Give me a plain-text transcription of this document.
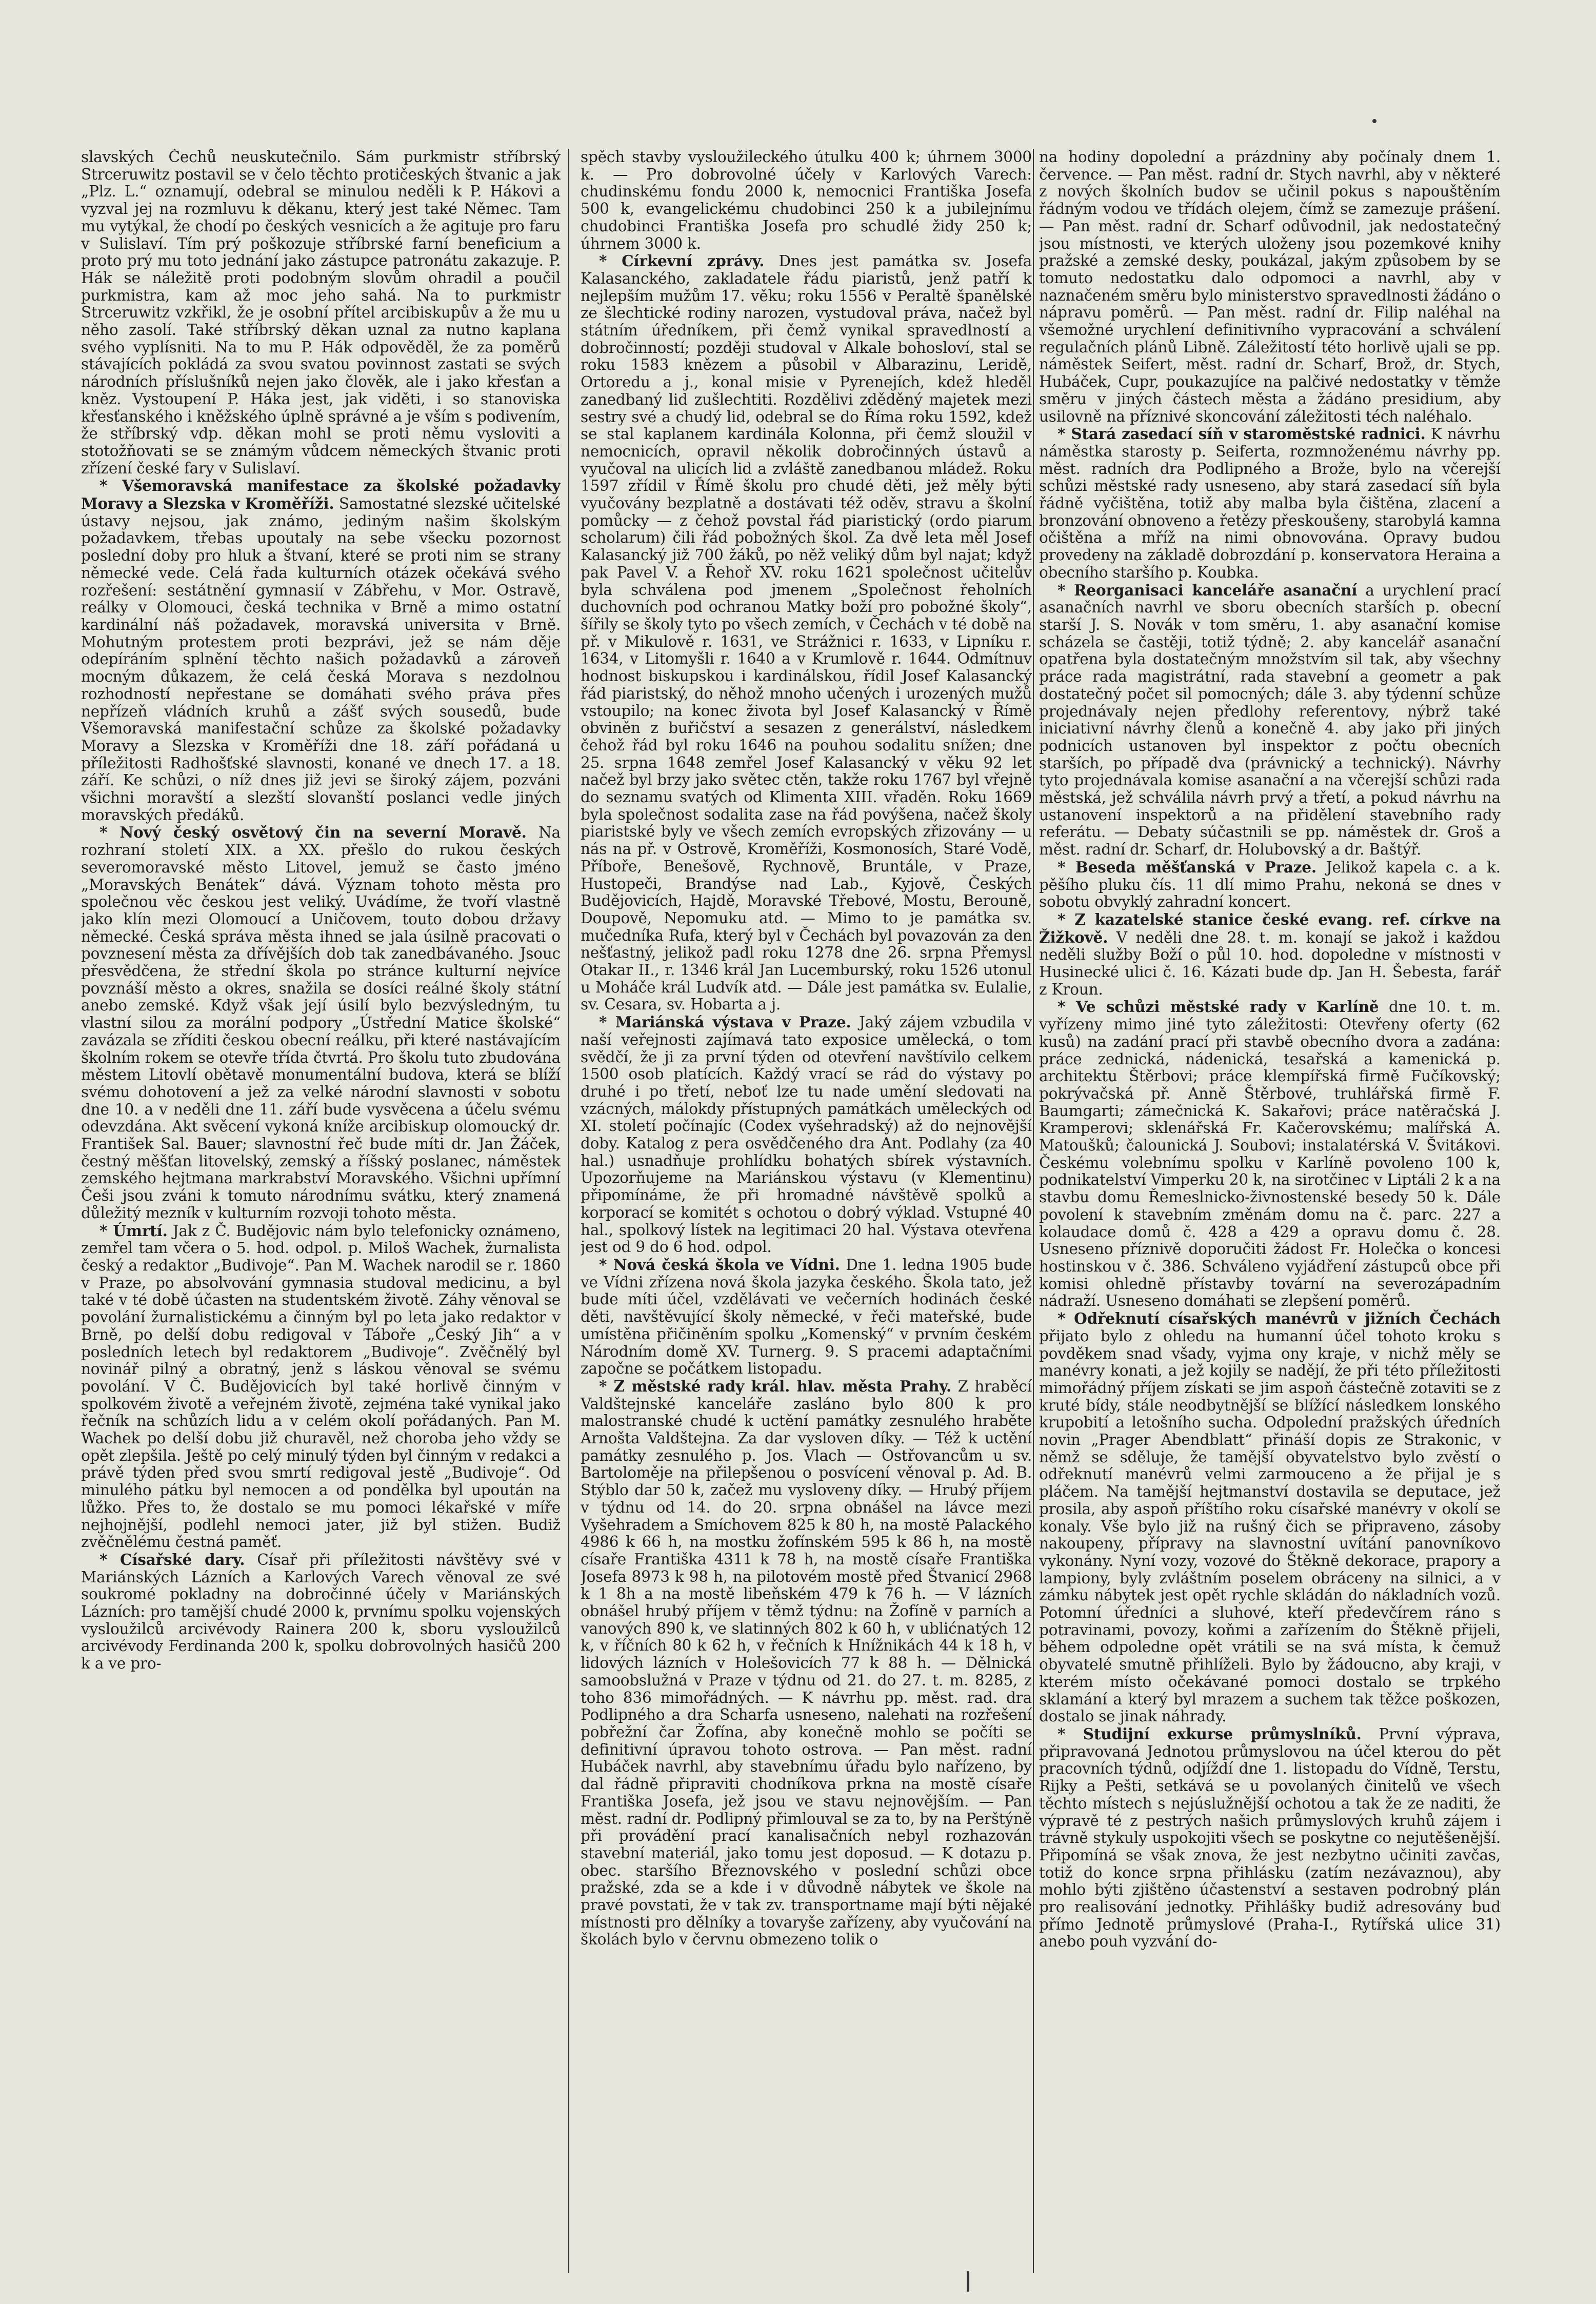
slavských Čechů neuskutečnilo. Sám purkmistr stříbrský Strceruwitz postavil se v čelo těchto protičeských štvanic a jak „Plz. L.“ oznamují, odebral se minulou neděli k P. Hákovi a vyzval jej na rozmluvu k děkanu, který jest také Němec. Tam mu vytýkal, že chodí po českých vesnicích a že agituje pro faru v Sulislaví. Tím prý poškozuje stříbrské farní beneficium a proto prý mu toto jednání jako zástupce patronátu zakazuje. P. Hák se náležitě proti podobným slovům ohradil a poučil purkmistra, kam až moc jeho sahá. Na to purkmistr Strceruwitz vzkřikl, že je osobní přítel arcibiskupův a že mu u něho zasolí. Také stříbrský děkan uznal za nutno kaplana svého vyplísniti. Na to mu P. Hák odpověděl, že za poměrů stávajících pokládá za svou svatou povinnost zastati se svých národních příslušníků nejen jako člověk, ale i jako křesťan a kněz. Vystoupení P. Háka jest, jak viděti, i so stanoviska křesťanského i kněžského úplně správné a je vším s podivením, že stříbrský vdp. děkan mohl se proti němu vysloviti a stotožňovati se se známým vůdcem německých štvanic proti zřízení české fary v Sulislaví.

* Všemoravská manifestace za školské požadavky Moravy a Slezska v Kroměříži. Samostatné slezské učitelské ústavy nejsou, jak známo, jediným našim školským požadavkem, třebas upoutaly na sebe všecku pozornost poslední doby pro hluk a štvaní, které se proti nim se strany německé vede. Celá řada kulturních otázek očekává svého rozřešení: sestátnění gymnasií v Zábřehu, v Mor. Ostravě, reálky v Olomouci, česká technika v Brně a mimo ostatní kardinální náš požadavek, moravská universita v Brně. Mohutným protestem proti bezprávi, jež se nám děje odepíráním splnění těchto našich požadavků a zároveň mocným důkazem, že celá česká Morava s nezdolnou rozhodností nepřestane se domáhati svého práva přes nepřízeň vládních kruhů a zášť svých sousedů, bude Všemoravská manifestační schůze za školské požadavky Moravy a Slezska v Kroměříži dne 18. září pořádaná u příležitosti Radhošťské slavnosti, konané ve dnech 17. a 18. září. Ke schůzi, o níž dnes již jevi se široký zájem, pozváni všichni moravští a slezští slovanští poslanci vedle jiných moravských předáků.

* Nový český osvětový čin na severní Moravě. Na rozhraní století XIX. a XX. přešlo do rukou českých severomoravské město Litovel, jemuž se často jméno „Moravských Benátek“ dává. Význam tohoto města pro společnou věc českou jest veliký. Uvádíme, že tvoří vlastně jako klín mezi Olomoucí a Uničovem, touto dobou državy německé. Česká správa města ihned se jala úsilně pracovati o povznesení města za dřívějších dob tak zanedbávaného. Jsouc přesvědčena, že střední škola po stránce kulturní nejvíce povznáší město a okres, snažila se dosíci reálné školy státní anebo zemské. Když však její úsilí bylo bezvýsledným, tu vlastní silou za morální podpory „Ústřední Matice školské“ zavázala se zříditi českou obecní reálku, při které nastávajícím školním rokem se otevře třída čtvrtá. Pro školu tuto zbudována městem Litovlí obětavě monumentální budova, která se blíží svému dohotovení a jež za velké národní slavnosti v sobotu dne 10. a v neděli dne 11. září bude vysvěcena a účelu svému odevzdána. Akt svěcení vykoná kníže arcibiskup olomoucký dr. František Sal. Bauer; slavnostní řeč bude míti dr. Jan Žáček, čestný měšťan litovelský, zemský a říšský poslanec, náměstek zemského hejtmana markrabství Moravského. Všichni upřímní Češi jsou zváni k tomuto národnímu svátku, který znamená důležitý mezník v kulturním rozvoji tohoto města.

* Úmrtí. Jak z Č. Budějovic nám bylo telefonicky oznámeno, zemřel tam včera o 5. hod. odpol. p. Miloš Wachek, žurnalista český a redaktor „Budivoje“. Pan M. Wachek narodil se r. 1860 v Praze, po absolvování gymnasia studoval medicinu, a byl také v té době účasten na studentském životě. Záhy věnoval se povolání žurnalistickému a činným byl po leta jako redaktor v Brně, po delší dobu redigoval v Táboře „Český Jih“ a v posledních letech byl redaktorem „Budivoje“. Zvěčnělý byl novinář pilný a obratný, jenž s láskou věnoval se svému povolání. V Č. Budějovicích byl také horlivě činným v spolkovém životě a veřejném životě, zejména také vynikal jako řečník na schůzích lidu a v celém okolí pořádaných. Pan M. Wachek po delší dobu již churavěl, než choroba jeho vždy se opět zlepšila. Ještě po celý minulý týden byl činným v redakci a právě týden před svou smrtí redigoval jestě „Budivoje“. Od minulého pátku byl nemocen a od pondělka byl upoután na lůžko. Přes to, že dostalo se mu pomoci lékařské v míře nejhojnější, podlehl nemoci jater, již byl stižen. Budiž zvěčnělému čestná paměť.

* Císařské dary. Císař při příležitosti návštěvy své v Mariánských Lázních a Karlových Varech věnoval ze své soukromé pokladny na dobročinné účely v Mariánských Lázních: pro tamější chudé 2000 k, prvnímu spolku vojenských vysloužilců arcivévody Rainera 200 k, sboru vysloužilců arcivévody Ferdinanda 200 k, spolku dobrovolných hasičů 200 k a ve pro-

spěch stavby vysloužileckého útulku 400 k; úhrnem 3000 k. — Pro dobrovolné účely v Karlových Varech: chudinskému fondu 2000 k, nemocnici Františka Josefa 500 k, evangelickému chudobinci 250 k a jubilejnímu chudobinci Františka Josefa pro schudlé židy 250 k; úhrnem 3000 k.

* Církevní zprávy. Dnes jest památka sv. Josefa Kalasanckého, zakladatele řádu piaristů, jenž patří k nejlepším mužům 17. věku; roku 1556 v Peraltě španělské ze šlechtické rodiny narozen, vystudoval práva, načež byl státním úředníkem, při čemž vynikal spravedlností a dobročinností; později studoval v Alkale bohosloví, stal se roku 1583 knězem a působil v Albarazinu, Leridě, Ortoredu a j., konal misie v Pyrenejích, kdež hleděl zanedbaný lid zušlechtiti. Rozdělivi zděděný majetek mezi sestry své a chudý lid, odebral se do Říma roku 1592, kdež se stal kaplanem kardinála Kolonna, při čemž sloužil v nemocnicích, opravil několik dobročinných ústavů a vyučoval na ulicích lid a zvláště zanedbanou mládež. Roku 1597 zřídil v Římě školu pro chudé děti, jež měly býti vyučovány bezplatně a dostávati též oděv, stravu a školní pomůcky — z čehož povstal řád piaristický (ordo piarum scholarum) čili řád pobožných škol. Za dvě leta měl Josef Kalasancký již 700 žáků, po něž veliký dům byl najat; když pak Pavel V. a Řehoř XV. roku 1621 společnost učitelův byla schválena pod jmenem „Společnost řeholních duchovních pod ochranou Matky boží pro pobožné školy“, šířily se školy tyto po všech zemích, v Čechách v té době na př. v Mikulově r. 1631, ve Strážnici r. 1633, v Lipníku r. 1634, v Litomyšli r. 1640 a v Krumlově r. 1644. Odmítnuv hodnost biskupskou i kardinálskou, řídil Josef Kalasancký řád piaristský, do něhož mnoho učených i urozených mužů vstoupilo; na konec života byl Josef Kalasancký v Římě obviněn z buřičství a sesazen z generálství, následkem čehož řád byl roku 1646 na pouhou sodalitu snížen; dne 25. srpna 1648 zemřel Josef Kalasancký v věku 92 let načež byl brzy jako světec ctěn, takže roku 1767 byl vřejně do seznamu svatých od Klimenta XIII. vřaděn. Roku 1669 byla společnost sodalita zase na řád povýšena, načež školy piaristské byly ve všech zemích evropských zřizovány — u nás na př. v Ostrově, Kroměříži, Kosmonosích, Staré Vodě, Příboře, Benešově, Rychnově, Bruntále, v Praze, Hustopeči, Brandýse nad Lab., Kyjově, Českých Budějovicích, Hajdě, Moravské Třebové, Mostu, Berouně, Doupově, Nepomuku atd. — Mimo to je památka sv. mučedníka Rufa, který byl v Čechách byl povazován za den nešťastný, jelikož padl roku 1278 dne 26. srpna Přemysl Otakar II., r. 1346 král Jan Lucemburský, roku 1526 utonul u Moháče král Ludvík atd. — Dále jest památka sv. Eulalie, sv. Cesara, sv. Hobarta a j.

* Mariánská výstava v Praze. Jaký zájem vzbudila v naší veřejnosti zajímavá tato exposice umělecká, o tom svědčí, že ji za první týden od otevření navštívilo celkem 1500 osob platících. Každý vrací se rád do výstavy po druhé i po třetí, neboť lze tu nade umění sledovati na vzácných, málokdy přístupných památkách uměleckých od XI. století počínajíc (Codex vyšehradský) až do nejnovější doby. Katalog z pera osvědčeného dra Ant. Podlahy (za 40 hal.) usnadňuje prohlídku bohatých sbírek výstavních. Upozorňujeme na Mariánskou výstavu (v Klementinu) připomínáme, že při hromadné návštěvě spolků a korporací se komitét s ochotou o dobrý výklad. Vstupné 40 hal., spolkový lístek na legitimaci 20 hal. Výstava otevřena jest od 9 do 6 hod. odpol.

* Nová česká škola ve Vídni. Dne 1. ledna 1905 bude ve Vídni zřízena nová škola jazyka českého. Škola tato, jež bude míti účel, vzdělávati ve večerních hodinách české děti, navštěvující školy německé, v řeči mateřské, bude umístěna přičiněním spolku „Komenský“ v prvním českém Národním domě XV. Turnerg. 9. S pracemi adaptačními započne se počátkem listopadu.

* Z městské rady král. hlav. města Prahy. Z hraběcí Valdštejnské kanceláře zasláno bylo 800 k pro malostranské chudé k uctění památky zesnulého hraběte Arnošta Valdštejna. Za dar vysloven díky. — Též k uctění památky zesnulého p. Jos. Vlach — Ostřovancům u sv. Bartoloměje na přilepšenou o posvícení věnoval p. Ad. B. Stýblo dar 50 k, začež mu vysloveny díky. — Hrubý příjem v týdnu od 14. do 20. srpna obnášel na lávce mezi Vyšehradem a Smíchovem 825 k 80 h, na mostě Palackého 4986 k 66 h, na mostku žofínském 595 k 86 h, na mostě císaře Františka 4311 k 78 h, na mostě císaře Františka Josefa 8973 k 98 h, na pilotovém mostě před Štvanicí 2968 k 1 8h a na mostě libeňském 479 k 76 h. — V lázních obnášel hrubý příjem v těmž týdnu: na Žofíně v parních a vanových 890 k, ve slatinných 802 k 60 h, v ublićnatých 12 k, v říčních 80 k 62 h, v řečních k Hnížnikách 44 k 18 h, v lidových lázních v Holešovicích 77 k 88 h. — Dělnická samoobslužná v Praze v týdnu od 21. do 27. t. m. 8285, z toho 836 mimořádných. — K návrhu pp. měst. rad. dra Podlipného a dra Scharfa usneseno, nalehati na rozřešení pobřežní čar Žofína, aby konečně mohlo se počíti se definitivní úpravou tohoto ostrova. — Pan měst. radní Hubáček navrhl, aby stavebnímu úřadu bylo nařízeno, by dal řádně připraviti chodníkova prkna na mostě císaře Františka Josefa, jež jsou ve stavu nejnovějším. — Pan měst. radní dr. Podlipný přimlouval se za to, by na Perštýně při provádění prací kanalisačních nebyl rozhazován stavební materiál, jako tomu jest doposud. — K dotazu p. obec. staršího Březnovského v poslední schůzi obce pražské, zda se a kde i v důvodně nábytek ve škole na pravé povstati, že v tak zv. transportname mají býti nějaké místnosti pro dělníky a tovaryše zařízeny, aby vyučování na školách bylo v červnu obmezeno tolik o

na hodiny dopolední a prázdniny aby počínaly dnem 1. července. — Pan měst. radní dr. Stych navrhl, aby v některé z nových školních budov se učinil pokus s napouštěním řádným vodou ve třídách olejem, čímž se zamezuje prášení. — Pan měst. radní dr. Scharf odůvodnil, jak nedostatečný jsou místnosti, ve kterých uloženy jsou pozemkové knihy pražské a zemské desky, poukázal, jakým způsobem by se tomuto nedostatku dalo odpomoci a navrhl, aby v naznačeném směru bylo ministerstvo spravedlnosti žádáno o nápravu poměrů. — Pan měst. radní dr. Filip naléhal na všemožné urychlení definitivního vypracování a schválení regulačních plánů Libně. Záležitostí této horlivě ujali se pp. náměstek Seifert, měst. radní dr. Scharf, Brož, dr. Stych, Hubáček, Cupr, poukazujíce na palčivé nedostatky v těmže směru v jiných částech města a žádáno presidium, aby usilovně na příznivé skoncování záležitosti téch naléhalo.

* Stará zasedací síň v staroměstské radnici. K návrhu náměstka starosty p. Seiferta, rozmnoženému návrhy pp. měst. radních dra Podlipného a Brože, bylo na včerejší schůzi městské rady usneseno, aby stará zasedací síň byla řádně vyčištěna, totiž aby malba byla čištěna, zlacení a bronzování obnoveno a řetězy přeskoušeny, starobylá kamna očištěna a mříž na nimi obnovována. Opravy budou provedeny na základě dobrozdání p. konservatora Heraina a obecního staršího p. Koubka.

* Reorganisaci kanceláře asanační a urychlení prací asanačních navrhl ve sboru obecních starších p. obecní starší J. S. Novák v tom směru, 1. aby asanační komise scházela se častěji, totiž týdně; 2. aby kancelář asanační opatřena byla dostatečným množstvím sil tak, aby všechny práce rada magistrátní, rada stavební a geometr a pak dostatečný počet sil pomocných; dále 3. aby týdenní schůze projednávaly nejen předlohy referentovy, nýbrž také iniciativní návrhy členů a konečně 4. aby jako při jiných podnicích ustanoven byl inspektor z počtu obecních starších, po případě dva (právnický a technický). Návrhy tyto projednávala komise asanační a na včerejší schůzi rada městská, jež schválila návrh prvý a třetí, a pokud návrhu na ustanovení inspektorů a na přidělení stavebního rady referátu. — Debaty súčastnili se pp. náměstek dr. Groš a měst. radní dr. Scharf, dr. Holubovský a dr. Baštýř.

* Beseda měšťanská v Praze. Jelikož kapela c. a k. pěšího pluku čís. 11 dlí mimo Prahu, nekoná se dnes v sobotu obvyklý zahradní koncert.

* Z kazatelské stanice české evang. ref. církve na Žižkově. V neděli dne 28. t. m. konají se jakož i každou neděli služby Boží o půl 10. hod. dopoledne v místnosti v Husinecké ulici č. 16. Kázati bude dp. Jan H. Šebesta, farář z Kroun.

* Ve schůzi městské rady v Karlíně dne 10. t. m. vyřízeny mimo jiné tyto záležitosti: Otevřeny oferty (62 kusů) na zadání prací při stavbě obecního dvora a zadána: práce zednická, nádenická, tesařská a kamenická p. architektu Štěrbovi; práce klempířská firmě Fučíkovský; pokrývačská př. Anně Štěrbové, truhlářská firmě F. Baumgarti; zámečnická K. Sakařovi; práce natěračská J. Kramperovi; sklenářská Fr. Kačerovskému; malířská A. Matoušků; čalounická J. Soubovi; instalatérská V. Švitákovi. Českému volebnímu spolku v Karlíně povoleno 100 k, podnikatelství Vimperku 20 k, na sirotčinec v Liptáli 2 k a na stavbu domu Řemeslnicko-živnostenské besedy 50 k. Dále povolení k stavebním změnám domu na č. parc. 227 a kolaudace domů č. 428 a 429 a opravu domu č. 28. Usneseno příznivě doporučiti žádost Fr. Holečka o koncesi hostinskou v č. 386. Schváleno vyjádření zástupců obce při komisi ohledně přístavby tovární na severozápadním nádraží. Usneseno domáhati se zlepšení poměrů.

* Odřeknutí císařských manévrů v jižních Čechách přijato bylo z ohledu na humanní účel tohoto kroku s povděkem snad všady, vyjma ony kraje, v nichž měly se manévry konati, a jež kojily se nadějí, že při této příležitosti mimořádný příjem získati se jim aspoň částečně zotaviti se z kruté bídy, stále neodbytnější se blížící následkem lonského krupobití a letošního sucha. Odpolední pražských úředních novin „Prager Abendblatt“ přináší dopis ze Strakonic, v němž se sděluje, že tamější obyvatelstvo bylo zvěstí o odřeknutí manévrů velmi zarmouceno a že přijal je s pláčem. Na tamější hejtmanství dostavila se deputace, jež prosila, aby aspoň příštího roku císařské manévry v okolí se konaly. Vše bylo již na rušný čich se připraveno, zásoby nakoupeny, přípravy na slavnostní uvítání panovníkovo vykonány. Nyní vozy, vozové do Štěkně dekorace, prapory a lampiony, byly zvláštním poselem obráceny na silnici, a v zámku nábytek jest opět rychle skládán do nákladních vozů. Potomní úředníci a sluhové, kteří předevčírem ráno s potravinami, povozy, koňmi a zařízením do Štěkně přijeli, během odpoledne opět vrátili se na svá místa, k čemuž obyvatelé smutně přihlíželi. Bylo by žádoucno, aby kraji, v kterém místo očekávané pomoci dostalo se trpkého sklamání a který byl mrazem a suchem tak těžce poškozen, dostalo se jinak náhrady.

* Studijní exkurse průmyslníků. První výprava, připravovaná Jednotou průmyslovou na účel kterou do pět pracovních týdnů, odjíždí dne 1. listopadu do Vídně, Terstu, Rijky a Pešti, setkává se u povolaných činitelů ve všech těchto místech s nejúslužnější ochotou a tak že ze naditi, že výpravě té z pestrých našich průmyslových kruhů zájem i trávně stykuly uspokojiti všech se poskytne co nejutěšenější. Připomíná se však znova, že jest nezbytno učiniti zavčas, totiž do konce srpna přihlásku (zatím nezávaznou), aby mohlo býti zjištěno účastenství a sestaven podrobný plán pro realisování jednotky. Přihlášky budiž adresovány buď přímo Jednotě průmyslové (Praha-I., Rytířská ulice 31) anebo pouh vyzvání do-
